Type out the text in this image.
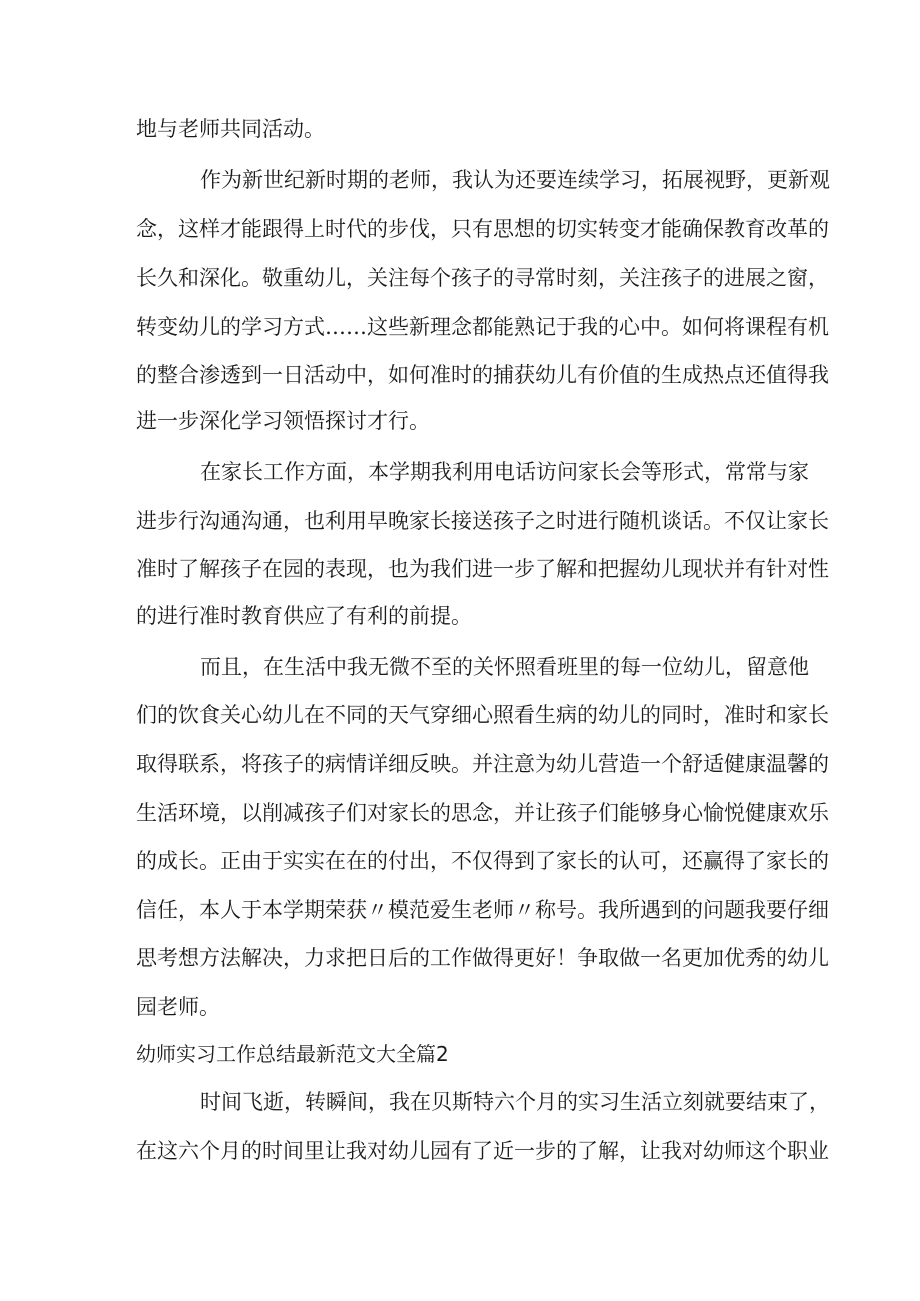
地与老师共同活动。
作为新世纪新时期的老师，我认为还要连续学习，拓展视野，更新观
念，这样才能跟得上时代的步伐，只有思想的切实转变才能确保教育改革的
长久和深化。敬重幼儿，关注每个孩子的寻常时刻，关注孩子的进展之窗，
转变幼儿的学习方式……这些新理念都能熟记于我的心中。如何将课程有机
的整合渗透到一日活动中，如何准时的捕获幼儿有价值的生成热点还值得我
进一步深化学习领悟探讨才行。
在家长工作方面，本学期我利用电话访问家长会等形式，常常与家
进步行沟通沟通，也利用早晚家长接送孩子之时进行随机谈话。不仅让家长
准时了解孩子在园的表现，也为我们进一步了解和把握幼儿现状并有针对性
的进行准时教育供应了有利的前提。
而且，在生活中我无微不至的关怀照看班里的每一位幼儿，留意他
们的饮食关心幼儿在不同的天气穿细心照看生病的幼儿的同时，准时和家长
取得联系，将孩子的病情详细反映。并注意为幼儿营造一个舒适健康温馨的
生活环境，以削减孩子们对家长的思念，并让孩子们能够身心愉悦健康欢乐
的成长。正由于实实在在的付出，不仅得到了家长的认可，还赢得了家长的
信任，本人于本学期荣获〃模范爱生老师〃称号。我所遇到的问题我要仔细
思考想方法解决，力求把日后的工作做得更好！争取做一名更加优秀的幼儿
园老师。
幼师实习工作总结最新范文大全篇2
时间飞逝，转瞬间，我在贝斯特六个月的实习生活立刻就要结束了，
在这六个月的时间里让我对幼儿园有了近一步的了解，让我对幼师这个职业
